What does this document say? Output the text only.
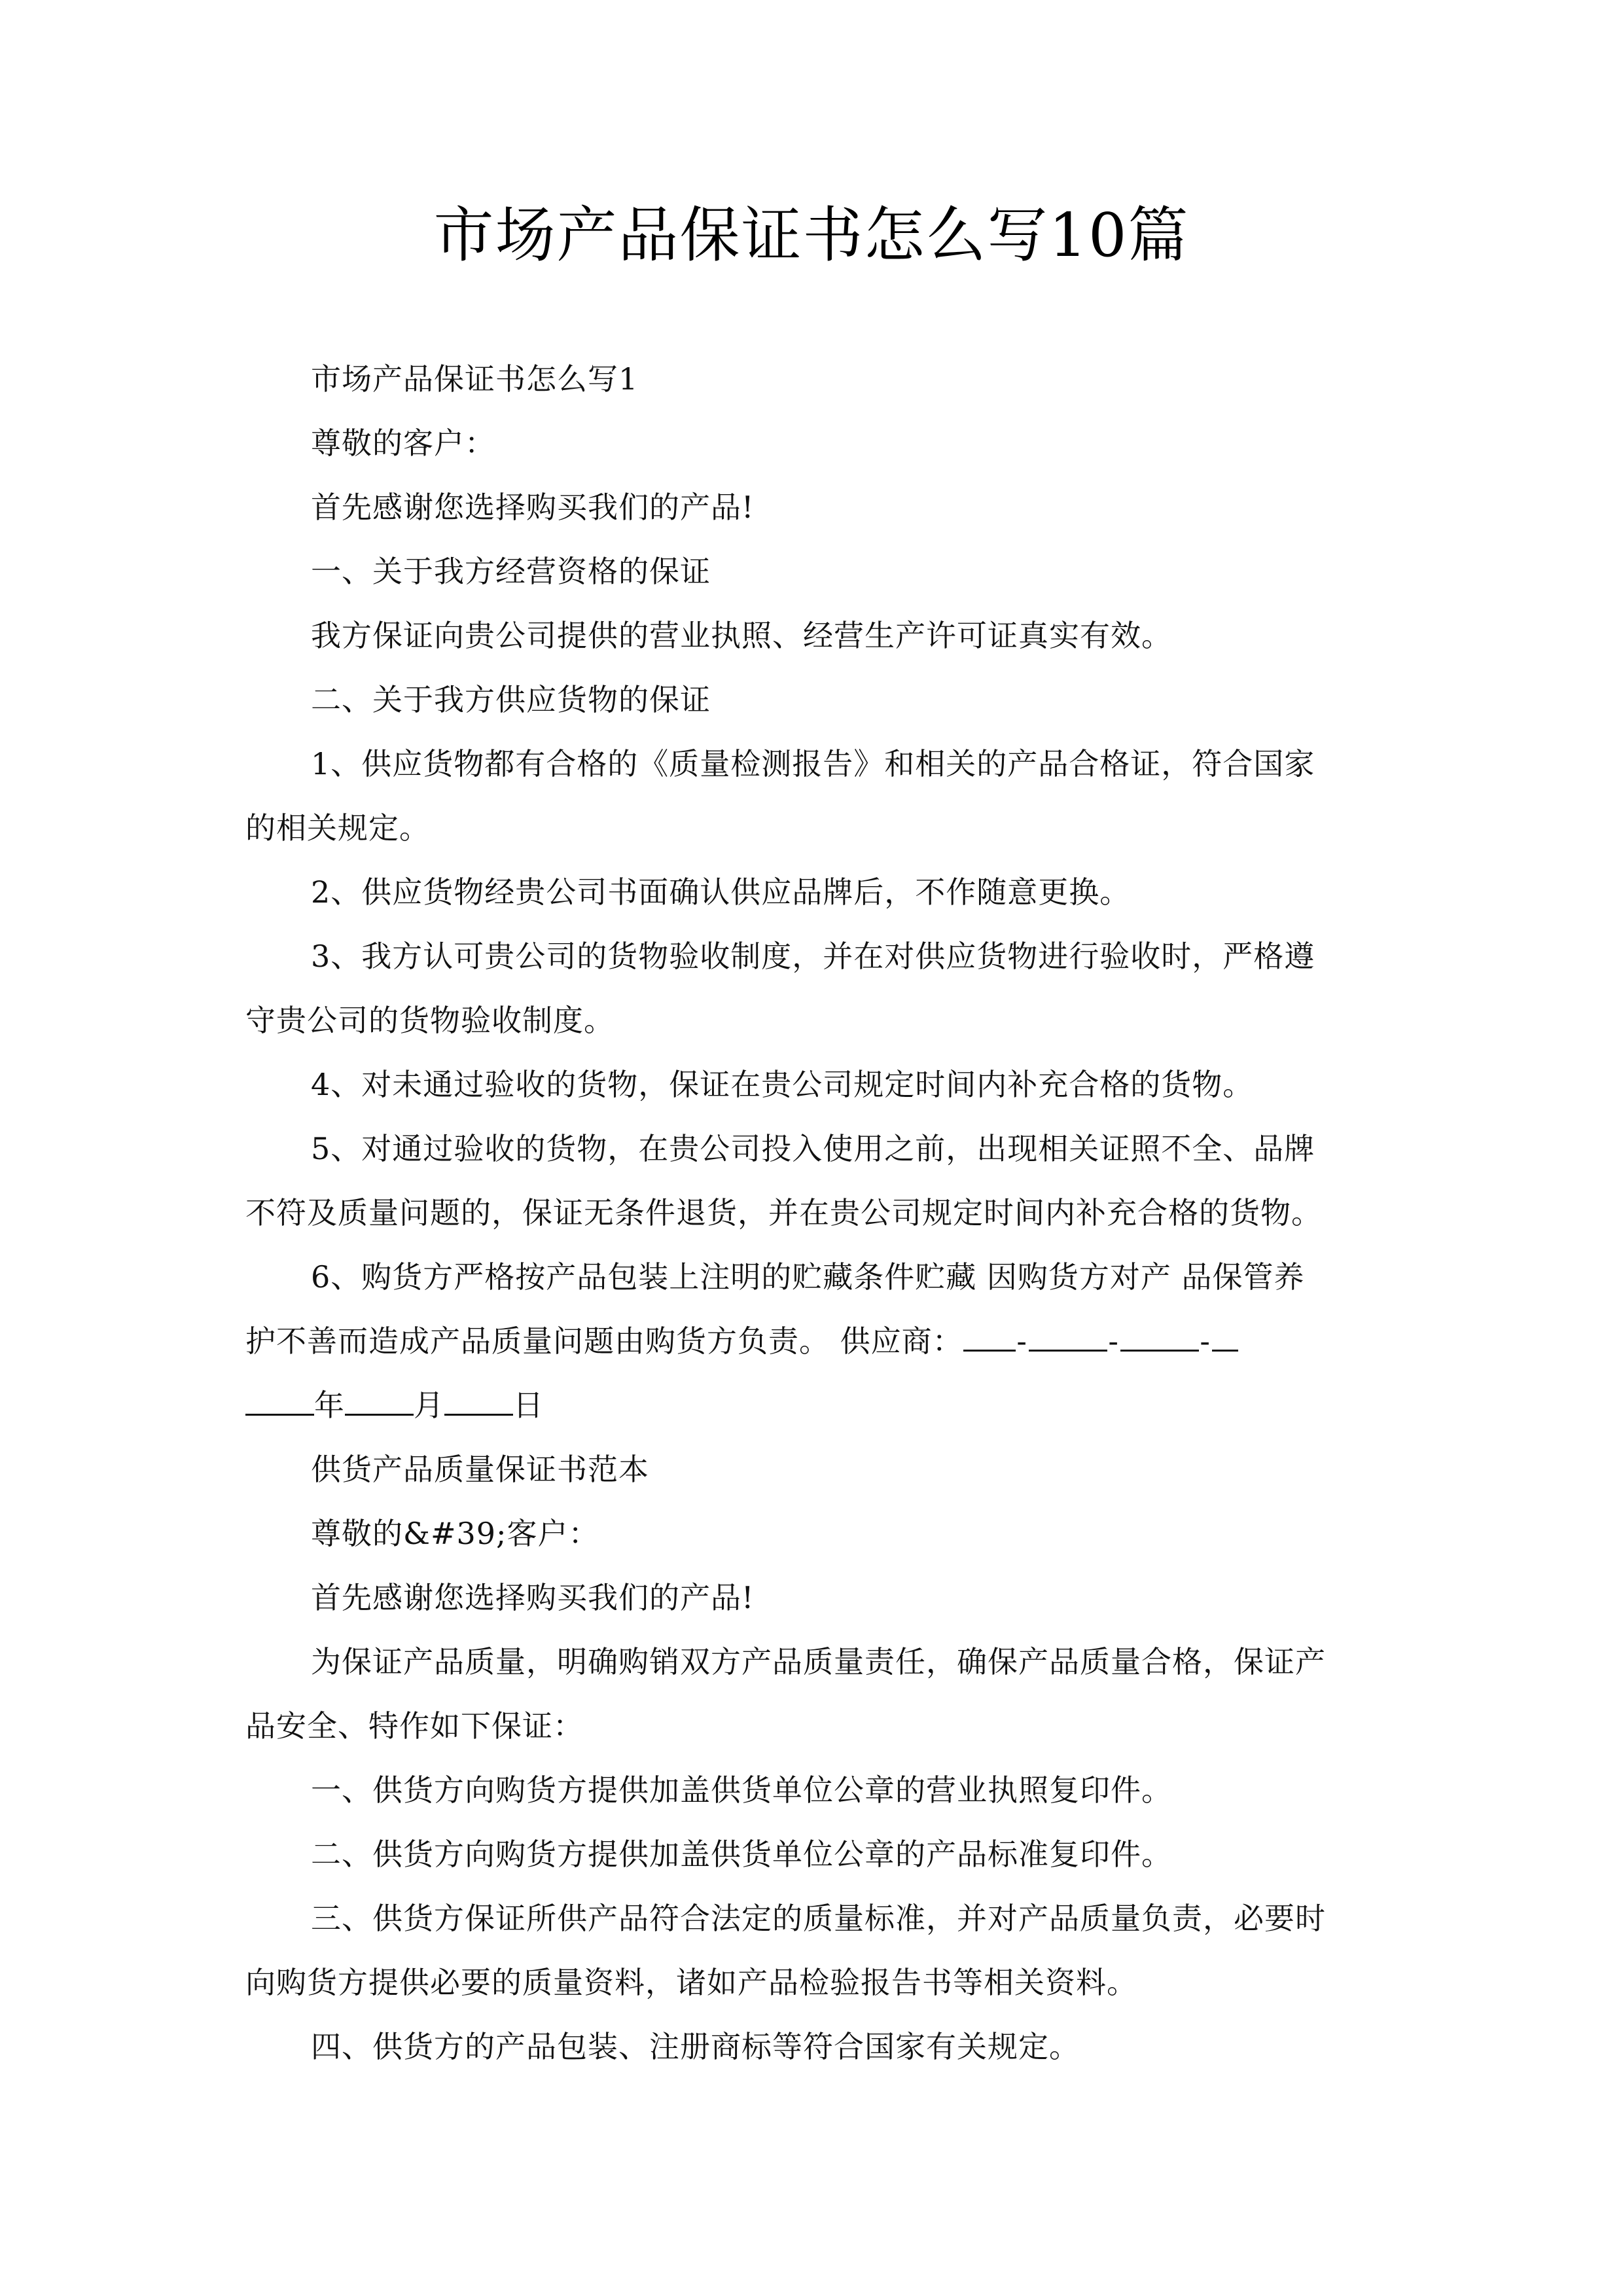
市场产品保证书怎么写10篇
市场产品保证书怎么写1
尊敬的客户：
首先感谢您选择购买我们的产品!
一、关于我方经营资格的保证
我方保证向贵公司提供的营业执照、经营生产许可证真实有效。
二、关于我方供应货物的保证
1、供应货物都有合格的《质量检测报告》和相关的产品合格证，符合国家
的相关规定。
2、供应货物经贵公司书面确认供应品牌后，不作随意更换。
3、我方认可贵公司的货物验收制度，并在对供应货物进行验收时，严格遵
守贵公司的货物验收制度。
4、对未通过验收的货物，保证在贵公司规定时间内补充合格的货物。
5、对通过验收的货物，在贵公司投入使用之前，出现相关证照不全、品牌
不符及质量问题的，保证无条件退货，并在贵公司规定时间内补充合格的货物。
6、购货方严格按产品包装上注明的贮藏条件贮藏 因购货方对产 品保管养
护不善而造成产品质量问题由购货方负责。 供应商： -	-	-
年 月 日
供货产品质量保证书范本
尊敬的&#39;客户：
首先感谢您选择购买我们的产品!
为保证产品质量，明确购销双方产品质量责任，确保产品质量合格，保证产
品安全、特作如下保证：
一、供货方向购货方提供加盖供货单位公章的营业执照复印件。
二、供货方向购货方提供加盖供货单位公章的产品标准复印件。
三、供货方保证所供产品符合法定的质量标准，并对产品质量负责，必要时
向购货方提供必要的质量资料，诸如产品检验报告书等相关资料。
四、供货方的产品包装、注册商标等符合国家有关规定。
